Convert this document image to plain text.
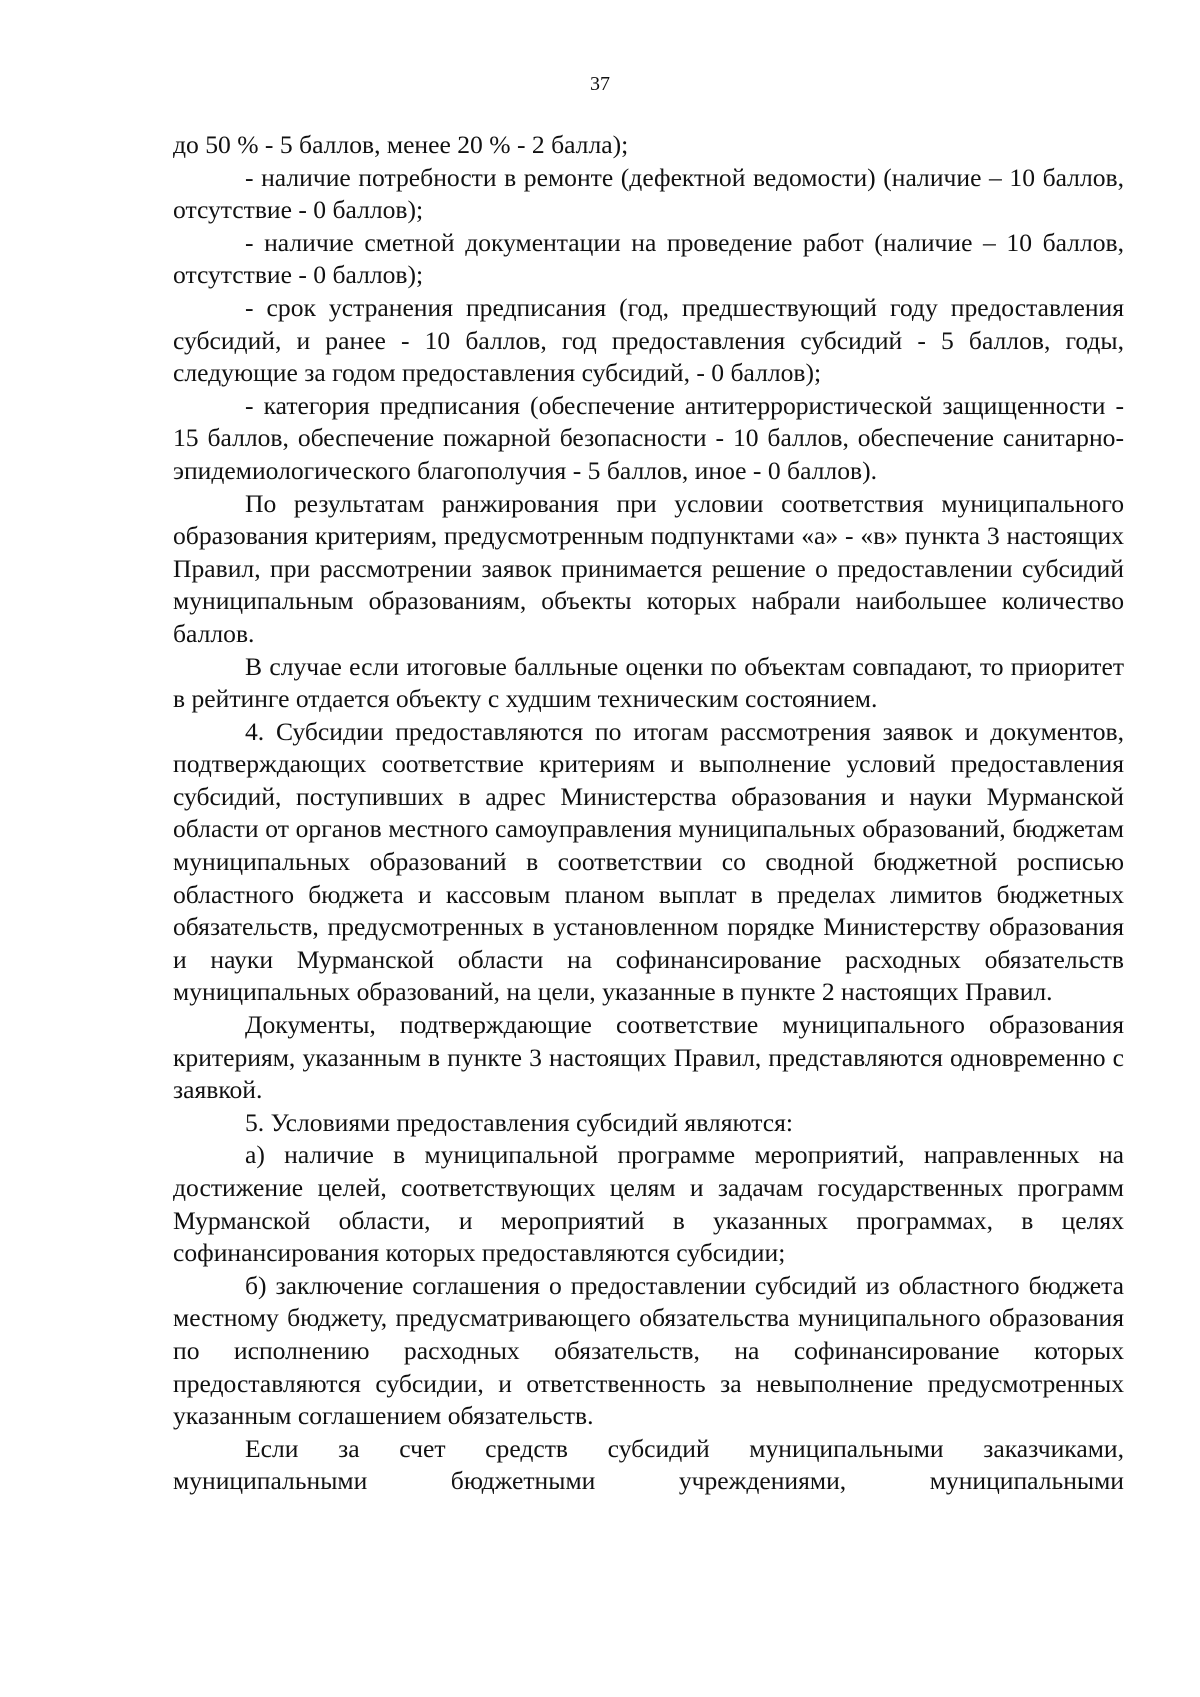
37

до 50 % - 5 баллов, менее 20 % - 2 балла);

- наличие потребности в ремонте (дефектной ведомости) (наличие – 10 баллов, отсутствие - 0 баллов);

- наличие сметной документации на проведение работ (наличие – 10 баллов, отсутствие - 0 баллов);

- срок устранения предписания (год, предшествующий году предоставления субсидий, и ранее - 10 баллов, год предоставления субсидий - 5 баллов, годы, следующие за годом предоставления субсидий, - 0 баллов);

- категория предписания (обеспечение антитеррористической защищенности - 15 баллов, обеспечение пожарной безопасности - 10 баллов, обеспечение санитарно-эпидемиологического благополучия - 5 баллов, иное - 0 баллов).

По результатам ранжирования при условии соответствия муниципального образования критериям, предусмотренным подпунктами «а» - «в» пункта 3 настоящих Правил, при рассмотрении заявок принимается решение о предоставлении субсидий муниципальным образованиям, объекты которых набрали наибольшее количество баллов.

В случае если итоговые балльные оценки по объектам совпадают, то приоритет в рейтинге отдается объекту с худшим техническим состоянием.

4. Субсидии предоставляются по итогам рассмотрения заявок и документов, подтверждающих соответствие критериям и выполнение условий предоставления субсидий, поступивших в адрес Министерства образования и науки Мурманской области от органов местного самоуправления муниципальных образований, бюджетам муниципальных образований в соответствии со сводной бюджетной росписью областного бюджета и кассовым планом выплат в пределах лимитов бюджетных обязательств, предусмотренных в установленном порядке Министерству образования и науки Мурманской области на софинансирование расходных обязательств муниципальных образований, на цели, указанные в пункте 2 настоящих Правил.

Документы, подтверждающие соответствие муниципального образования критериям, указанным в пункте 3 настоящих Правил, представляются одновременно с заявкой.

5. Условиями предоставления субсидий являются:

а) наличие в муниципальной программе мероприятий, направленных на достижение целей, соответствующих целям и задачам государственных программ Мурманской области, и мероприятий в указанных программах, в целях софинансирования которых предоставляются субсидии;

б) заключение соглашения о предоставлении субсидий из областного бюджета местному бюджету, предусматривающего обязательства муниципального образования по исполнению расходных обязательств, на софинансирование которых предоставляются субсидии, и ответственность за невыполнение предусмотренных указанным соглашением обязательств.

Если за счет средств субсидий муниципальными заказчиками, муниципальными бюджетными учреждениями, муниципальными
